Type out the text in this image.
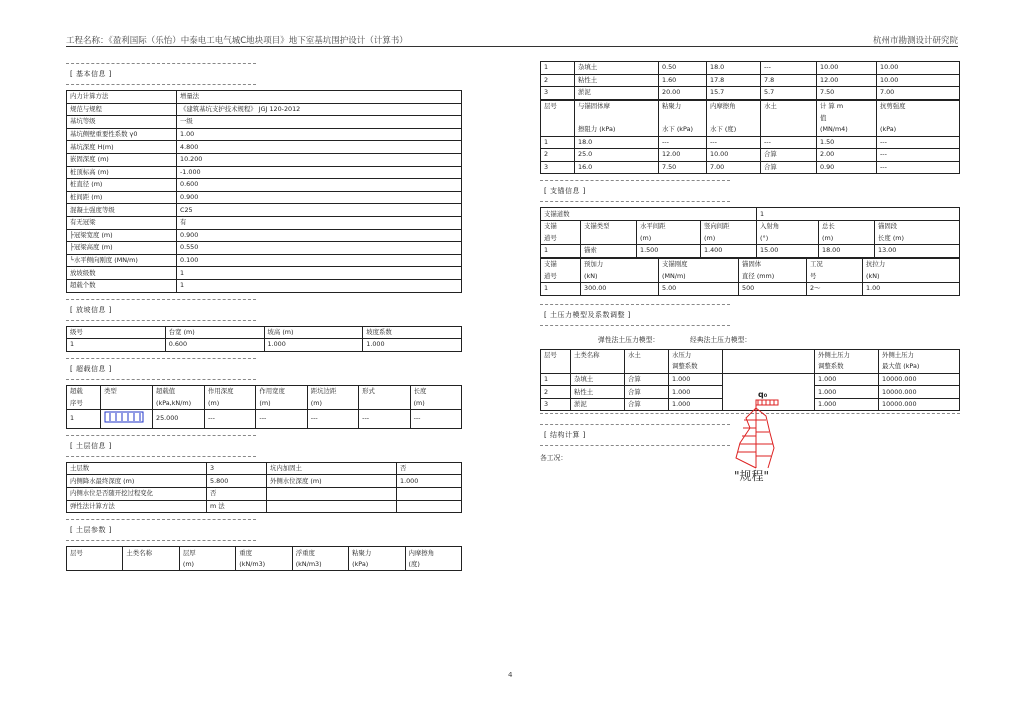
工程名称：《盈利国际（乐怡）中泰电工电气城C地块项目》地下室基坑围护设计（计算书）	杭州市勘测设计研究院
[ 基本信息 ]
内力计算方法	增量法
规范与规程	《建筑基坑支护技术规程》 JGJ 120-2012
基坑等级	一级
基坑侧壁重要性系数 γ0	1.00
基坑深度 H(m)	4.800
嵌固深度 (m)	10.200
桩顶标高 (m)	-1.000
桩直径 (m)	0.600
桩间距 (m)	0.900
混凝土强度等级	C25
有无冠梁	有
├冠梁宽度 (m)	0.900
├冠梁高度 (m)	0.550
└水平侧向刚度 (MN/m)	0.100
放坡级数	1
超载个数	1
[ 放坡信息 ]
级号	台宽 (m)	坡高 (m)	坡度系数
1	0.600	1.000	1.000
[ 超载信息 ]
超载	类型	超载值	作用深度	作用宽度	距坑边距	形式	长度
序号		(kPa,kN/m)	(m)	(m)	(m)		(m)
1		25.000	---	---	---	---	---
[ 土层信息 ]
土层数	3	坑内加固土	否
内侧降水最终深度 (m)	5.800	外侧水位深度 (m)	1.000
内侧水位是否随开挖过程变化	否		
弹性法计算方法	m 法		
[ 土层参数 ]
层号	土类名称	层厚	重度	浮重度	粘聚力	内摩擦角
		(m)	(kN/m3)	(kN/m3)	(kPa)	(度)
1	杂填土	0.50	18.0	---	10.00	10.00
2	粘性土	1.60	17.8	7.8	12.00	10.00
3	淤泥	20.00	15.7	5.7	7.50	7.00
层号	与锚固体摩	粘聚力	内摩擦角	水土	计 算 m	抗剪强度
					值	
	擦阻力 (kPa)	水下 (kPa)	水下 (度)		(MN/m4)	(kPa)
1	18.0	---	---	---	1.50	---
2	25.0	12.00	10.00	合算	2.00	---
3	16.0	7.50	7.00	合算	0.90	---
[ 支锚信息 ]
支锚道数				1		
支锚	支锚类型	水平间距	竖向间距	入射角	总长	锚固段
道号		(m)	(m)	(°)	(m)	长度 (m)
1	锚索	1.500	1.400	15.00	18.00	13.00
支锚	预加力	支锚刚度	锚固体	工况	抗拉力
道号	(kN)	(MN/m)	直径 (mm)	号	(kN)
1	300.00	5.00	500	2～	1.00
[ 土压力模型及系数调整 ]
弹性法土压力模型：	经典法土压力模型：
层号	土类名称	水土	水压力		外侧土压力	外侧土压力
			调整系数		调整系数	最大值 (kPa)
1	杂填土	合算	1.000		1.000	10000.000
2	粘性土	合算	1.000		1.000	10000.000
3	淤泥	合算	1.000		1.000	10000.000
[ 结构计算 ]
各工况：
q₀
"规程"
4
